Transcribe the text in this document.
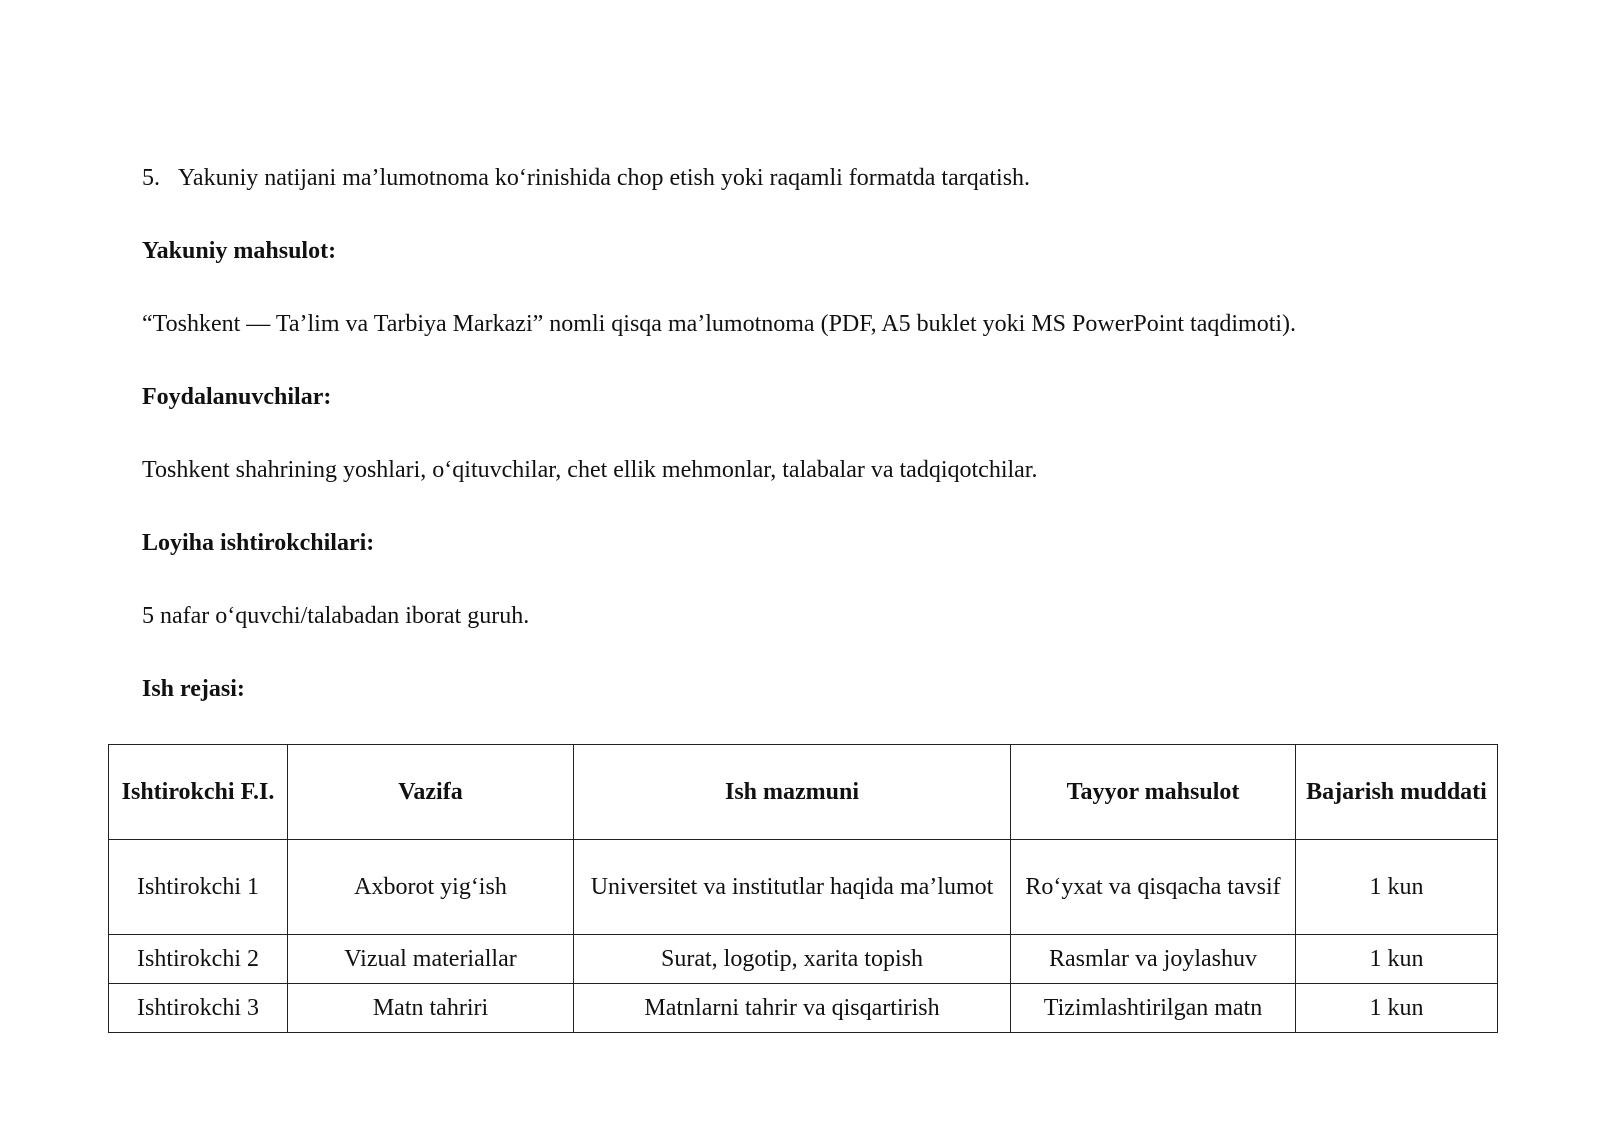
5. Yakuniy natijani ma’lumotnoma ko‘rinishida chop etish yoki raqamli formatda tarqatish.

Yakuniy mahsulot:

“Toshkent — Ta’lim va Tarbiya Markazi” nomli qisqa ma’lumotnoma (PDF, A5 buklet yoki MS PowerPoint taqdimoti).

Foydalanuvchilar:

Toshkent shahrining yoshlari, o‘qituvchilar, chet ellik mehmonlar, talabalar va tadqiqotchilar.

Loyiha ishtirokchilari:

5 nafar o‘quvchi/talabadan iborat guruh.

Ish rejasi:

Ishtirokchi F.I.	Vazifa	Ish mazmuni	Tayyor mahsulot	Bajarish muddati
Ishtirokchi 1	Axborot yig‘ish	Universitet va institutlar haqida ma’lumot	Ro‘yxat va qisqacha tavsif	1 kun
Ishtirokchi 2	Vizual materiallar	Surat, logotip, xarita topish	Rasmlar va joylashuv	1 kun
Ishtirokchi 3	Matn tahriri	Matnlarni tahrir va qisqartirish	Tizimlashtirilgan matn	1 kun
